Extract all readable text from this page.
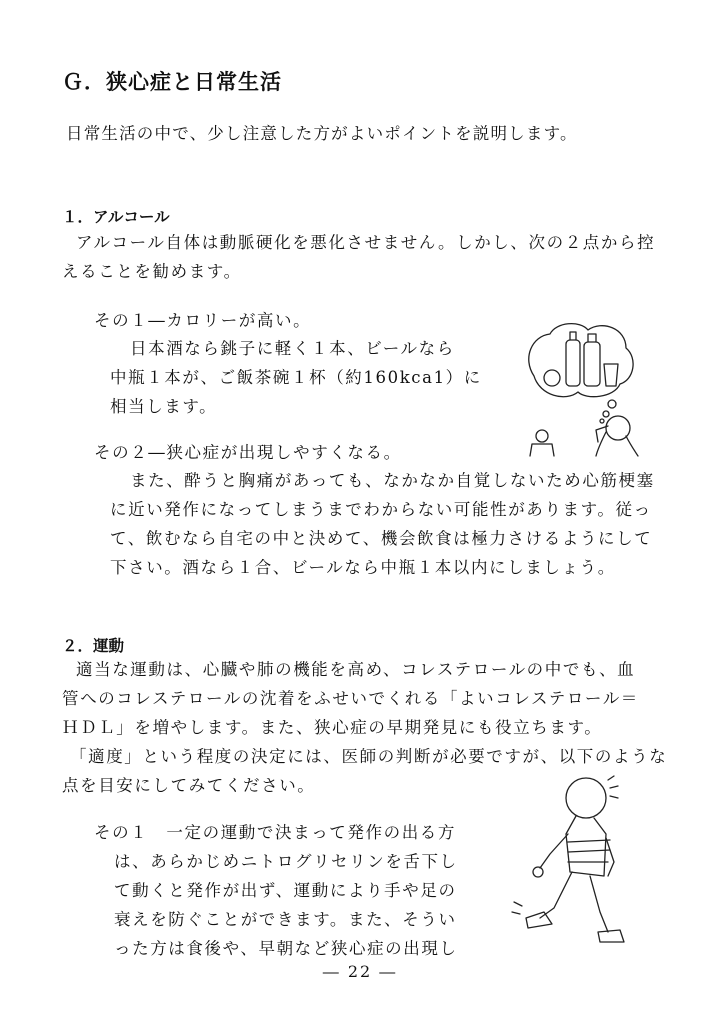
Ｇ．狭心症と日常生活
日常生活の中で、少し注意した方がよいポイントを説明します。
１．アルコール
アルコール自体は動脈硬化を悪化させません。しかし、次の２点から控
えることを勧めます。
その１―カロリーが高い。
日本酒なら銚子に軽く１本、ビールなら
中瓶１本が、ご飯茶碗１杯（約160kca1）に
相当します。
その２―狭心症が出現しやすくなる。
また、酔うと胸痛があっても、なかなか自覚しないため心筋梗塞
に近い発作になってしまうまでわからない可能性があります。従っ
て、飲むなら自宅の中と決めて、機会飲食は極力さけるようにして
下さい。酒なら１合、ビールなら中瓶１本以内にしましょう。
２．運動
適当な運動は、心臓や肺の機能を高め、コレステロールの中でも、血
管へのコレステロールの沈着をふせいでくれる「よいコレステロール＝
ＨＤＬ」を増やします。また、狭心症の早期発見にも役立ちます。
「適度」という程度の決定には、医師の判断が必要ですが、以下のような
点を目安にしてみてください。
その１　一定の運動で決まって発作の出る方
は、あらかじめニトログリセリンを舌下し
て動くと発作が出ず、運動により手や足の
衰えを防ぐことができます。また、そうい
った方は食後や、早朝など狭心症の出現し
― 22 ―
